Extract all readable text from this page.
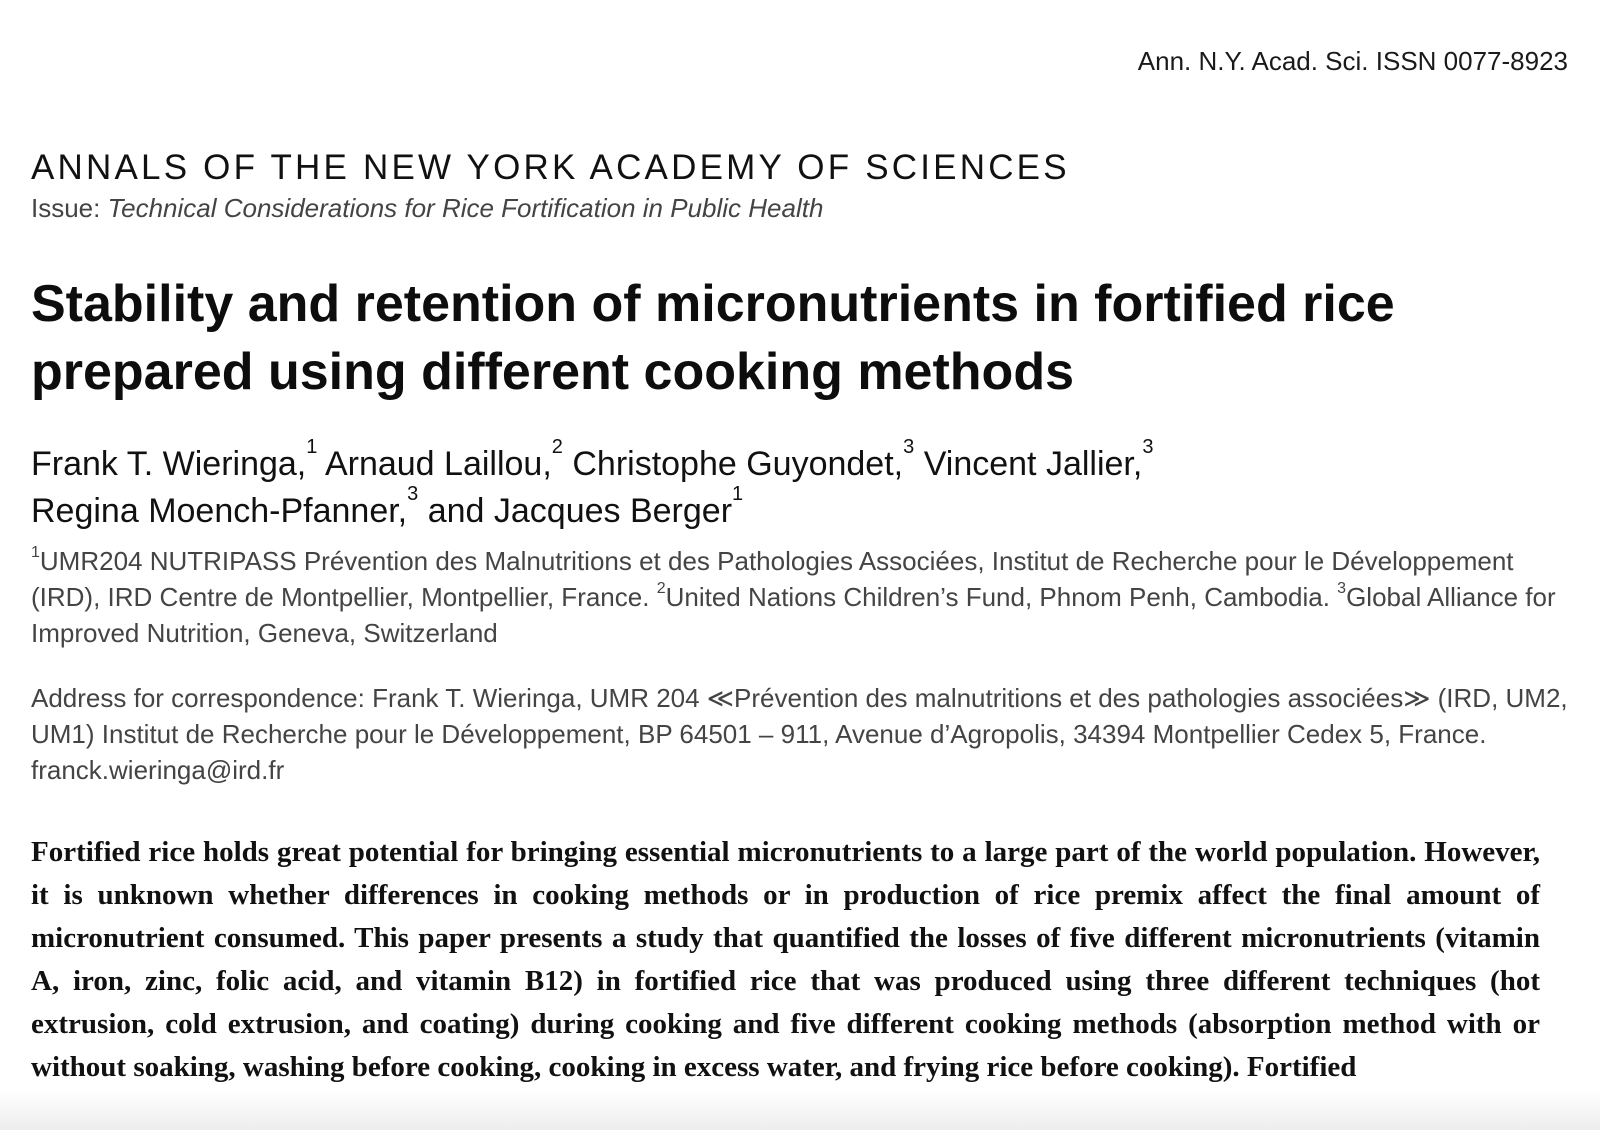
Ann. N.Y. Acad. Sci. ISSN 0077-8923
ANNALS OF THE NEW YORK ACADEMY OF SCIENCES
Issue: Technical Considerations for Rice Fortification in Public Health
Stability and retention of micronutrients in fortified rice prepared using different cooking methods
Frank T. Wieringa,$^1$ Arnaud Laillou,$^2$ Christophe Guyondet,$^3$ Vincent Jallier,$^3$
Regina Moench-Pfanner,$^3$ and Jacques Berger$^1$
$^1$UMR204 NUTRIPASS Prévention des Malnutritions et des Pathologies Associées, Institut de Recherche pour le Développement (IRD), IRD Centre de Montpellier, Montpellier, France. $^2$United Nations Children’s Fund, Phnom Penh, Cambodia. $^3$Global Alliance for Improved Nutrition, Geneva, Switzerland
Address for correspondence: Frank T. Wieringa, UMR 204 ≪Prévention des malnutritions et des pathologies associées≫ (IRD, UM2, UM1) Institut de Recherche pour le Développement, BP 64501 – 911, Avenue d’Agropolis, 34394 Montpellier Cedex 5, France. franck.wieringa@ird.fr

Fortified rice holds great potential for bringing essential micronutrients to a large part of the world population. However, it is unknown whether differences in cooking methods or in production of rice premix affect the final amount of micronutrient consumed. This paper presents a study that quantified the losses of five different micronutrients (vitamin A, iron, zinc, folic acid, and vitamin B12) in fortified rice that was produced using three different techniques (hot extrusion, cold extrusion, and coating) during cooking and five different cooking methods (absorption method with or without soaking, washing before cooking, cooking in excess water, and frying rice before cooking). Fortified
